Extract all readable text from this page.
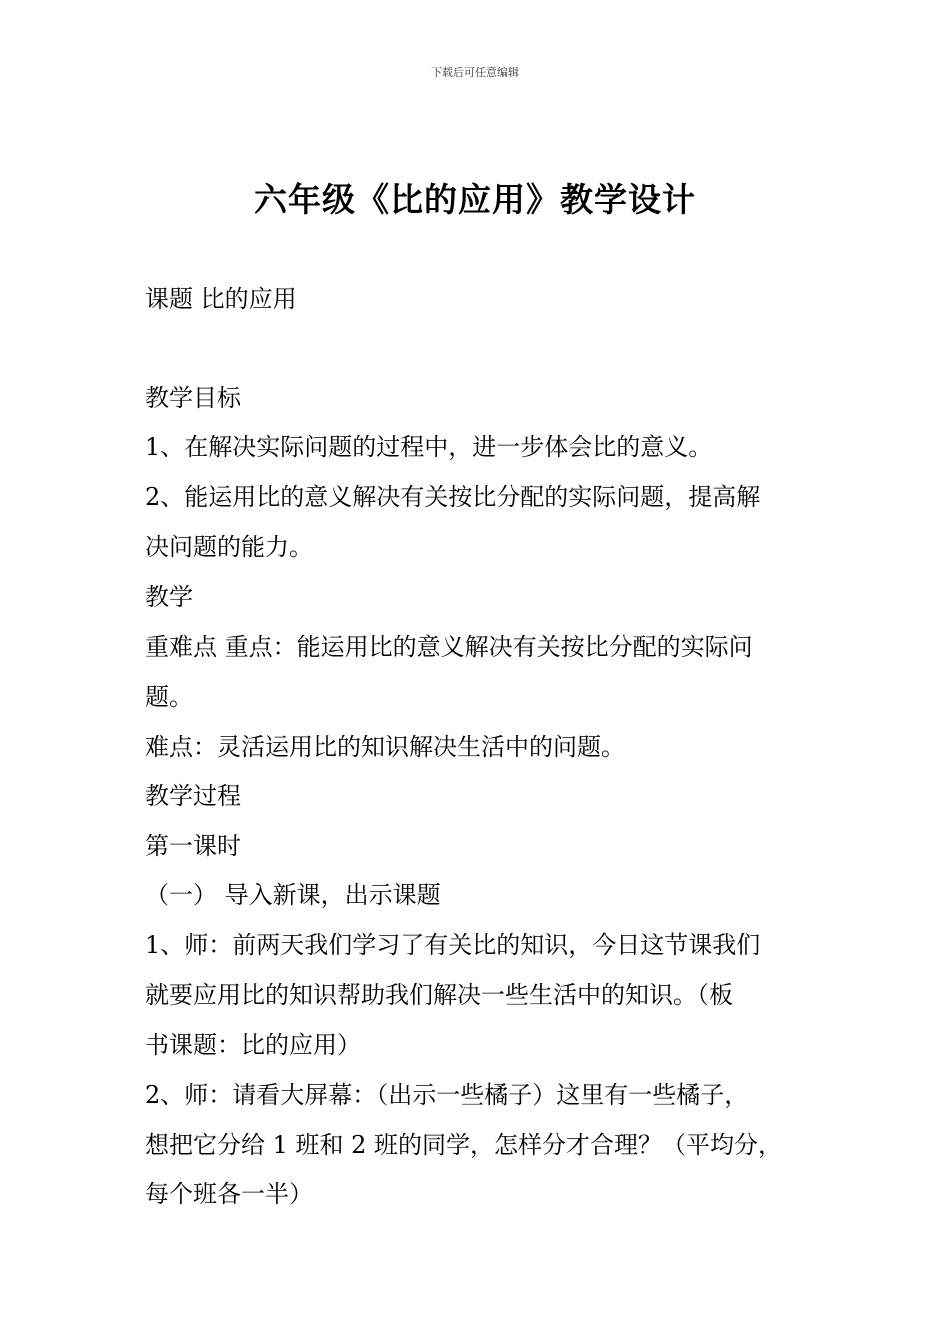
下载后可任意编辑
六年级《比的应用》教学设计
课题 比的应用
教学目标
1、在解决实际问题的过程中，进一步体会比的意义。
2、能运用比的意义解决有关按比分配的实际问题，提高解
决问题的能力。
教学
重难点 重点：能运用比的意义解决有关按比分配的实际问
题。
难点：灵活运用比的知识解决生活中的问题。
教学过程
第一课时
（一） 导入新课，出示课题
1、师：前两天我们学习了有关比的知识，今日这节课我们
就要应用比的知识帮助我们解决一些生活中的知识。（板
书课题：比的应用）
2、师：请看大屏幕：（出示一些橘子）这里有一些橘子，
想把它分给 1 班和 2 班的同学，怎样分才合理？（平均分，
每个班各一半）
